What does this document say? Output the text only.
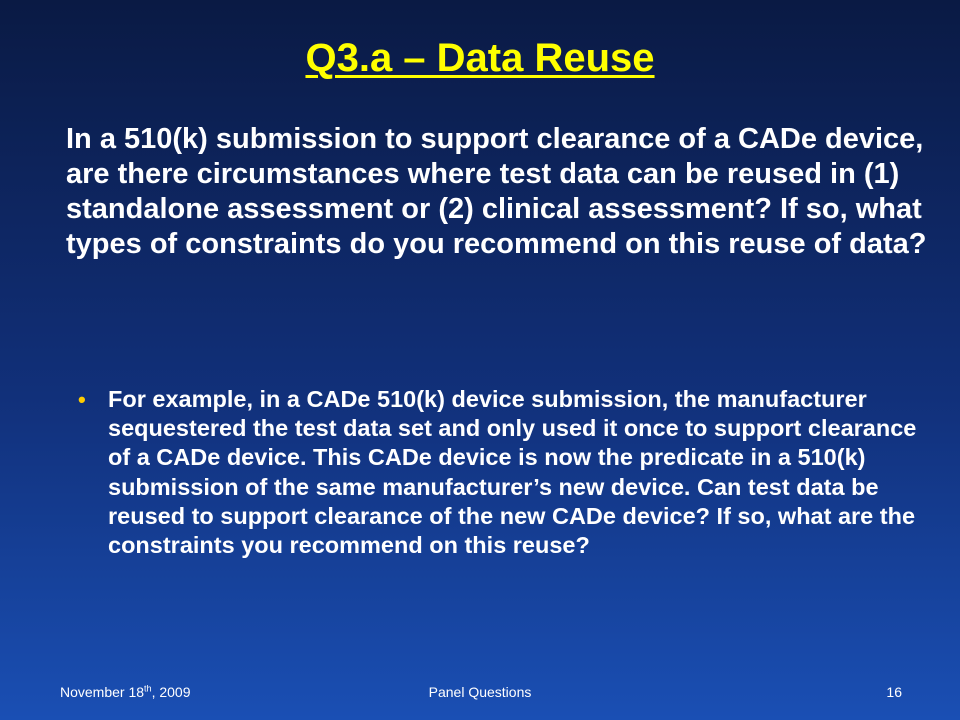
Q3.a – Data Reuse

In a 510(k) submission to support clearance of a CADe device, are there circumstances where test data can be reused in (1) standalone assessment or (2) clinical assessment? If so, what types of constraints do you recommend on this reuse of data?

• For example, in a CADe 510(k) device submission, the manufacturer sequestered the test data set and only used it once to support clearance of a CADe device. This CADe device is now the predicate in a 510(k) submission of the same manufacturer’s new device. Can test data be reused to support clearance of the new CADe device? If so, what are the constraints you recommend on this reuse?

November 18th, 2009	Panel Questions	16
